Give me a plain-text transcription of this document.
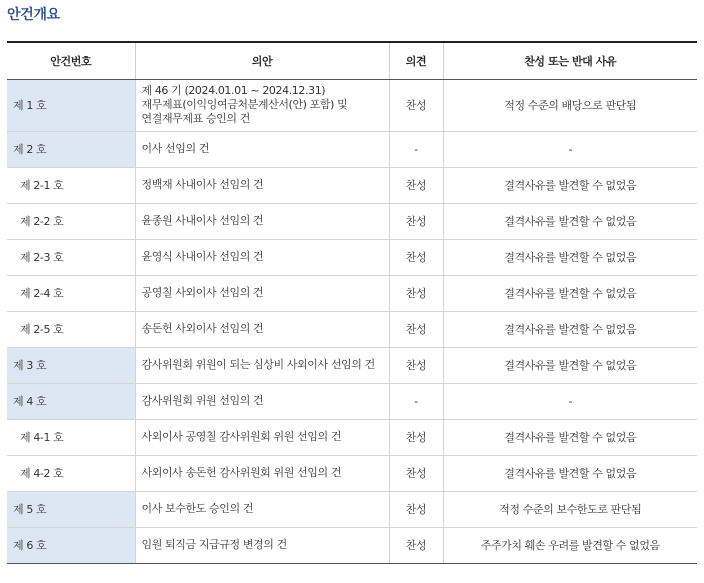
안건개요
안건번호	의안	의견	찬성 또는 반대 사유
제 1 호	제 46 기 (2024.01.01 ~ 2024.12.31)
재무제표(이익잉여금처분계산서(안) 포함) 및
연결재무제표 승인의 건	찬성	적정 수준의 배당으로 판단됨
제 2 호	이사 선임의 건	-	-
제 2-1 호	정백재 사내이사 선임의 건	찬성	결격사유를 발견할 수 없었음
제 2-2 호	윤종원 사내이사 선임의 건	찬성	결격사유를 발견할 수 없었음
제 2-3 호	윤영식 사내이사 선임의 건	찬성	결격사유를 발견할 수 없었음
제 2-4 호	공영칠 사외이사 선임의 건	찬성	결격사유를 발견할 수 없었음
제 2-5 호	송돈헌 사외이사 선임의 건	찬성	결격사유를 발견할 수 없었음
제 3 호	감사위원회 위원이 되는 심상비 사외이사 선임의 건	찬성	결격사유를 발견할 수 없었음
제 4 호	감사위원회 위원 선임의 건	-	-
제 4-1 호	사외이사 공영칠 감사위원회 위원 선임의 건	찬성	결격사유를 발견할 수 없었음
제 4-2 호	사외이사 송돈헌 감사위원회 위원 선임의 건	찬성	결격사유를 발견할 수 없었음
제 5 호	이사 보수한도 승인의 건	찬성	적정 수준의 보수한도로 판단됨
제 6 호	임원 퇴직금 지급규정 변경의 건	찬성	주주가치 훼손 우려를 발견할 수 없었음
